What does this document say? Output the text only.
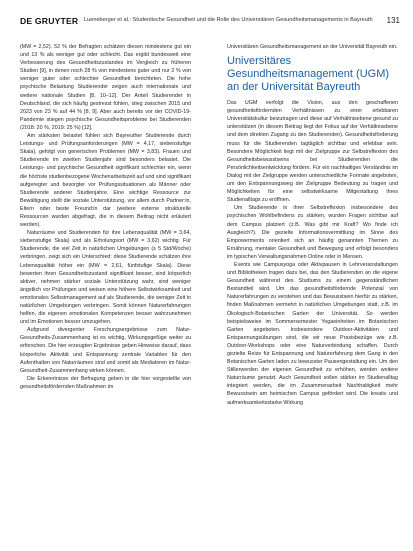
DE GRUYTER Lueneberger et al.: Studentische Gesundheit und die Rolle des Universitären Gesundheitsmanagements in Bayreuth 131

(MW = 2,52). 52 % der Befragten schätzen diesen mindestens gut ein und 13 % als weniger gut oder schlecht. Das ergibt bundesweit eine Verbesserung des Gesundheitszustandes im Vergleich zu früheren Studien [9], in denen noch 28 % von mindestens guter und nur 2 % von weniger guter oder schlechter Gesundheit berichteten. Die hohe psychische Belastung Studierender zeigen auch internationale und weitere nationale Studien [8, 10–12]. Der Anteil Studierender in Deutschland, die sich häufig gestresst fühlen, stieg zwischen 2015 und 2023 von 23 % auf 44 % [8, 9]. Aber auch bereits vor der COVID-19-Pandemie stiegen psychische Gesundheitsprobleme bei Studierenden (2018: 20 %, 2019: 25 %) [12].

Am stärksten belastet fühlen sich Bayreuther Studierende durch Leistungs- und Prüfungsanforderungen (MW = 4,17, siebenstufige Skala), gefolgt von generischen Problemen (MW = 3,83). Frauen und Studierende im zweiten Studienjahr sind besonders belastet. Die Leistungs- und psychische Gesundheit signifikant schlechter ein, wenn die höchste studienbezogene Wochenarbeitszeit auf und sind signifikant aufgeregter und besorgter vor Prüfungssituationen als Männer oder Studierende anderer Studienjahre. Eine wichtige Ressource zur Bewältigung stellt die soziale Unterstützung, vor allem durch Partner:in, Eltern oder beste Freund:in dar (weitere externe strukturelle Ressourcen wurden abgefragt, die in diesem Beitrag nicht erläutert werden).

Naturräume und Studierenden für ihre Lebensqualität (MW = 3,64, siebenstufige Skala) und als Erholungsort (MW = 3,62) wichtig. Für Studierende, die viel Zeit in natürlichen Umgebungen (≥ 5 Std/Woche) verbringen, zeigt sich ein Unterschied: diese Studierende schätzen ihre Lebensqualität höher ein (MW = 2,61, fünfstufige Skala). Diese bewerten ihren Gesundheitszustand signifikant besser, sind körperlich aktiver, nehmen stärker soziale Unterstützung wahr, sind weniger ängstlich vor Prüfungen und weisen eine höhere Selbstwirksamkeit und emotionales Selbstmanagement auf als Studierende, die weniger Zeit in natürlichen Umgebungen verbringen. Somit können Naturerfahrungen helfen, die eigenen emotionalen Kompetenzen besser wahrzunehmen und im Emotionen besser umzugehen.

Aufgrund divergenter Forschungsergebnisse zum Natur-Gesundheits-Zusammenhang ist es wichtig, Wirkungsgefüge weiter zu erforschen. Die hier erzeugten Ergebnisse geben Hinweise darauf, dass körperliche Aktivität und Entspannung zentrale Variablen für den Aufenthalten von Naturräumen sind und somit als Mediatoren im Natur-Gesundheit-Zusammenhang wirken können.

Die Erkenntnisse der Befragung geben in die hier vorgestellte von gesundheitsfördernden Maßnahmen im

Universitären Gesundheitsmanagement an der Universität Bayreuth ein.

Universitäres Gesundheitsmanagement (UGM) an der Universität Bayreuth

Das UGM verfolgt die Vision, aus den geschaffenen gesundheitsfördernden Verhältnissen zu einer erlebbaren Universitätskultur beizutragen und diese auf Verhältnisebene gesund zu unterstützen (in diesem Beitrag liegt der Fokus auf der Verhältnisebene und dem direkten Zugang zu den Studierenden). Gesundheitsförderung muss für die Studierenden tagtäglich sichtbar und erlebbar sein. Besondere Möglichkeit liegt mit der Zielgruppe zur Selbstreflexion des Gesundheitsbewusstseins bei Studierenden die Persönlichkeitsentwicklung fördern. Für ein nachhaltiges Verständnis im Dialog mit der Zielgruppe werden unterschiedliche Formate angeboten, um den Entspannungsweg der Zielgruppe Bedeutung zu tragen und Möglichkeiten für eine selbstwirksame Mitgestaltung ihres Studienalltags zu eröffnen.

Um Studierende in ihrer Selbstreflexion insbesondere des psychischen Wohlbefindens zu stärken, wurden Fragen sichtbar auf dem Campus platziert (z.B. Was gibt mir Kraft? Wo finde ich Ausgleich?). Die gezielte Informationsvermittlung im Sinne des Empowerments orientiert sich an häufig genannten Themen zu Ernährung, mentaler Gesundheit und Bewegung und erfolgt besonders im typischen Verwaltungsnahmen Online oder in Mensen.

Events wie Campusyoga oder Aktivpausen in Lehrveranstaltungen und Bibliotheken tragen dazu bei, das den Studierenden an die eigene Gesundheit während des Studiums zu einem gegenständlichen Bestandteil wird. Um das gesundheitsfördernde Potenzial von Naturerfahrungen zu verstehen und das Bewusstsein hierfür zu stärken, finden Maßnahmen vermehrt in natürlichen Umgebungen statt, z.B. im Ökologisch-Botanischen Garten der Universität. So werden beispielsweise im Sommersemester Yogaeinheiten im Botanischen Garten angeboten. Insbesondere Outdoor-Aktivitäten und Entspannungsübungen sind, die wir neue Praxisbezüge wie z.B. Outdoor-Workshops oder eine Naturverbindung schaffen. Durch gezielte Reize für Entspannung und Naturerfahrung dem Gang in den Botanischen Garten laden zu bewusster Pausengestaltung ein. Um den Stillerwerden der eigenen Gesundheit zu erhöhen, werden weitere Naturräume genutzt. Auch Gesundheit sollen stärker im Studienalltag integriert werden, die im Zusammenarbeit Nachhaltigkeit mehr Bewusstsein am heimischen Campus gefördert wird. Die kreativ und aufmerksamkeitsstarke Wirkung
